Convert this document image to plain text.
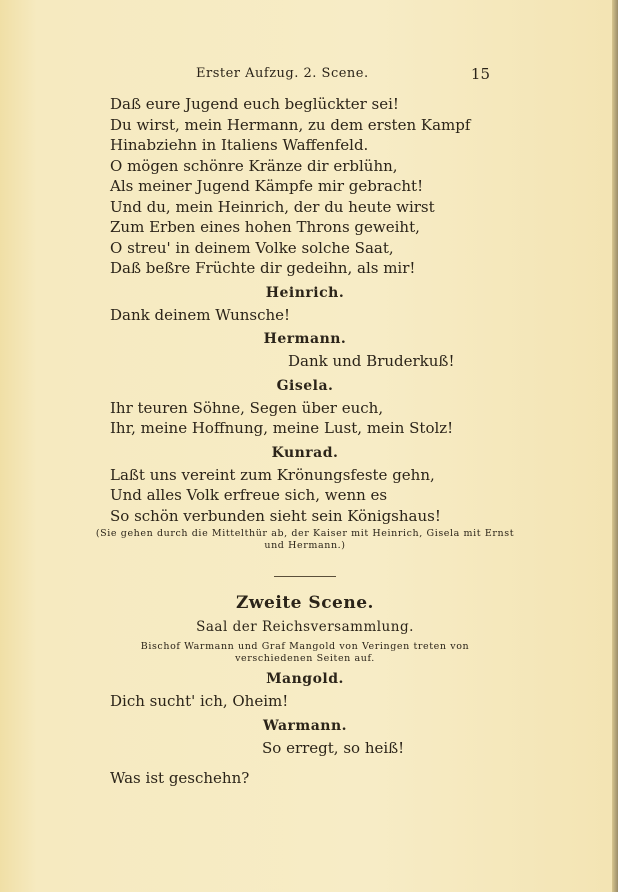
Erster Aufzug. 2. Scene.	15
Daß eure Jugend euch beglückter sei!
Du wirst, mein Hermann, zu dem ersten Kampf
Hinabziehn in Italiens Waffenfeld.
O mögen schönre Kränze dir erblühn,
Als meiner Jugend Kämpfe mir gebracht!
Und du, mein Heinrich, der du heute wirst
Zum Erben eines hohen Throns geweiht,
O streu' in deinem Volke solche Saat,
Daß beßre Früchte dir gedeihn, als mir!
Heinrich.
Dank deinem Wunsche!
Hermann.
Dank und Bruderkuß!
Gisela.
Ihr teuren Söhne, Segen über euch,
Ihr, meine Hoffnung, meine Lust, mein Stolz!
Kunrad.
Laßt uns vereint zum Krönungsfeste gehn,
Und alles Volk erfreue sich, wenn es
So schön verbunden sieht sein Königshaus!
(Sie gehen durch die Mittelthür ab, der Kaiser mit Heinrich, Gisela mit Ernst
und Hermann.)
Zweite Scene.
Saal der Reichsversammlung.
Bischof Warmann und Graf Mangold von Veringen treten von
verschiedenen Seiten auf.
Mangold.
Dich sucht' ich, Oheim!
Warmann.
So erregt, so heiß!
Was ist geschehn?
